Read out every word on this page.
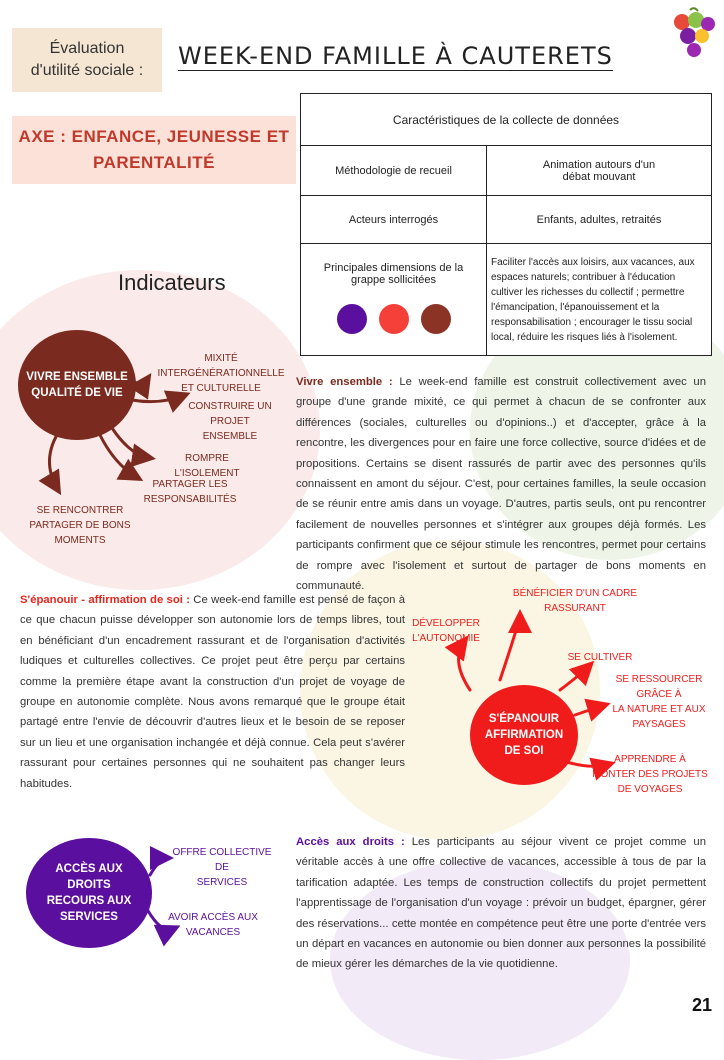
Évaluation
d'utilité sociale :
WEEK-END FAMILLE À CAUTERETS
AXE : ENFANCE, JEUNESSE ET
PARENTALITÉ
Caractéristiques de la collecte de données	
Méthodologie de recueil	Animation autours d'un
débat mouvant

Acteurs interrogés	Enfants, adultes, retraités

Principales dimensions de la
grappe sollicitées	Faciliter l'accès aux loisirs, aux vacances, aux espaces naturels; contribuer à l'éducation cultiver les richesses du collectif ; permettre l'émancipation, l'épanouissement et la responsabilisation ; encourager le tissu social local, réduire les risques liés à l'isolement.
Indicateurs
VIVRE ENSEMBLE
QUALITÉ DE VIE
MIXITÉ INTERGÉNÉRATIONNELLE
ET CULTURELLE
CONSTRUIRE UN PROJET
ENSEMBLE
ROMPRE L'ISOLEMENT
PARTAGER LES
RESPONSABILITÉS
SE RENCONTRER
PARTAGER DE BONS MOMENTS
Vivre ensemble : Le week-end famille est construit collectivement avec un groupe d'une grande mixité, ce qui permet à chacun de se confronter aux différences (sociales, culturelles ou d'opinions..) et d'accepter, grâce à la rencontre, les divergences pour en faire une force collective, source d'idées et de propositions. Certains se disent rassurés de partir avec des personnes qu'ils connaissent en amont du séjour. C'est, pour certaines familles, la seule occasion de se réunir entre amis dans un voyage. D'autres, partis seuls, ont pu rencontrer facilement de nouvelles personnes et s'intégrer aux groupes déjà formés. Les participants confirment que ce séjour stimule les rencontres, permet pour certains de rompre avec l'isolement et surtout de partager de bons moments en communauté.
S'épanouir - affirmation de soi : Ce week-end famille est pensé de façon à ce que chacun puisse développer son autonomie lors de temps libres, tout en bénéficiant d'un encadrement rassurant et de l'organisation d'activités ludiques et culturelles collectives. Ce projet peut être perçu par certains comme la première étape avant la construction d'un projet de voyage de groupe en autonomie complète. Nous avons remarqué que le groupe était partagé entre l'envie de découvrir d'autres lieux et le besoin de se reposer sur un lieu et une organisation inchangée et déjà connue. Cela peut s'avérer rassurant pour certaines personnes qui ne souhaitent pas changer leurs habitudes.
S'ÉPANOUIR
AFFIRMATION
DE SOI
BÉNÉFICIER D'UN CADRE
RASSURANT
DÉVELOPPER
L'AUTONOMIE
SE CULTIVER
SE RESSOURCER GRÂCE À
LA NATURE ET AUX
PAYSAGES
APPRENDRE À
MONTER DES PROJETS
DE VOYAGES
ACCÈS AUX
DROITS
RECOURS AUX
SERVICES
OFFRE COLLECTIVE DE
SERVICES
AVOIR ACCÈS AUX
VACANCES
Accès aux droits : Les participants au séjour vivent ce projet comme un véritable accès à une offre collective de vacances, accessible à tous de par la tarification adaptée. Les temps de construction collectifs du projet permettent l'apprentissage de l'organisation d'un voyage : prévoir un budget, épargner, gérer des réservations... cette montée en compétence peut être une porte d'entrée vers un départ en vacances en autonomie ou bien donner aux personnes la possibilité de mieux gérer les démarches de la vie quotidienne.
21
